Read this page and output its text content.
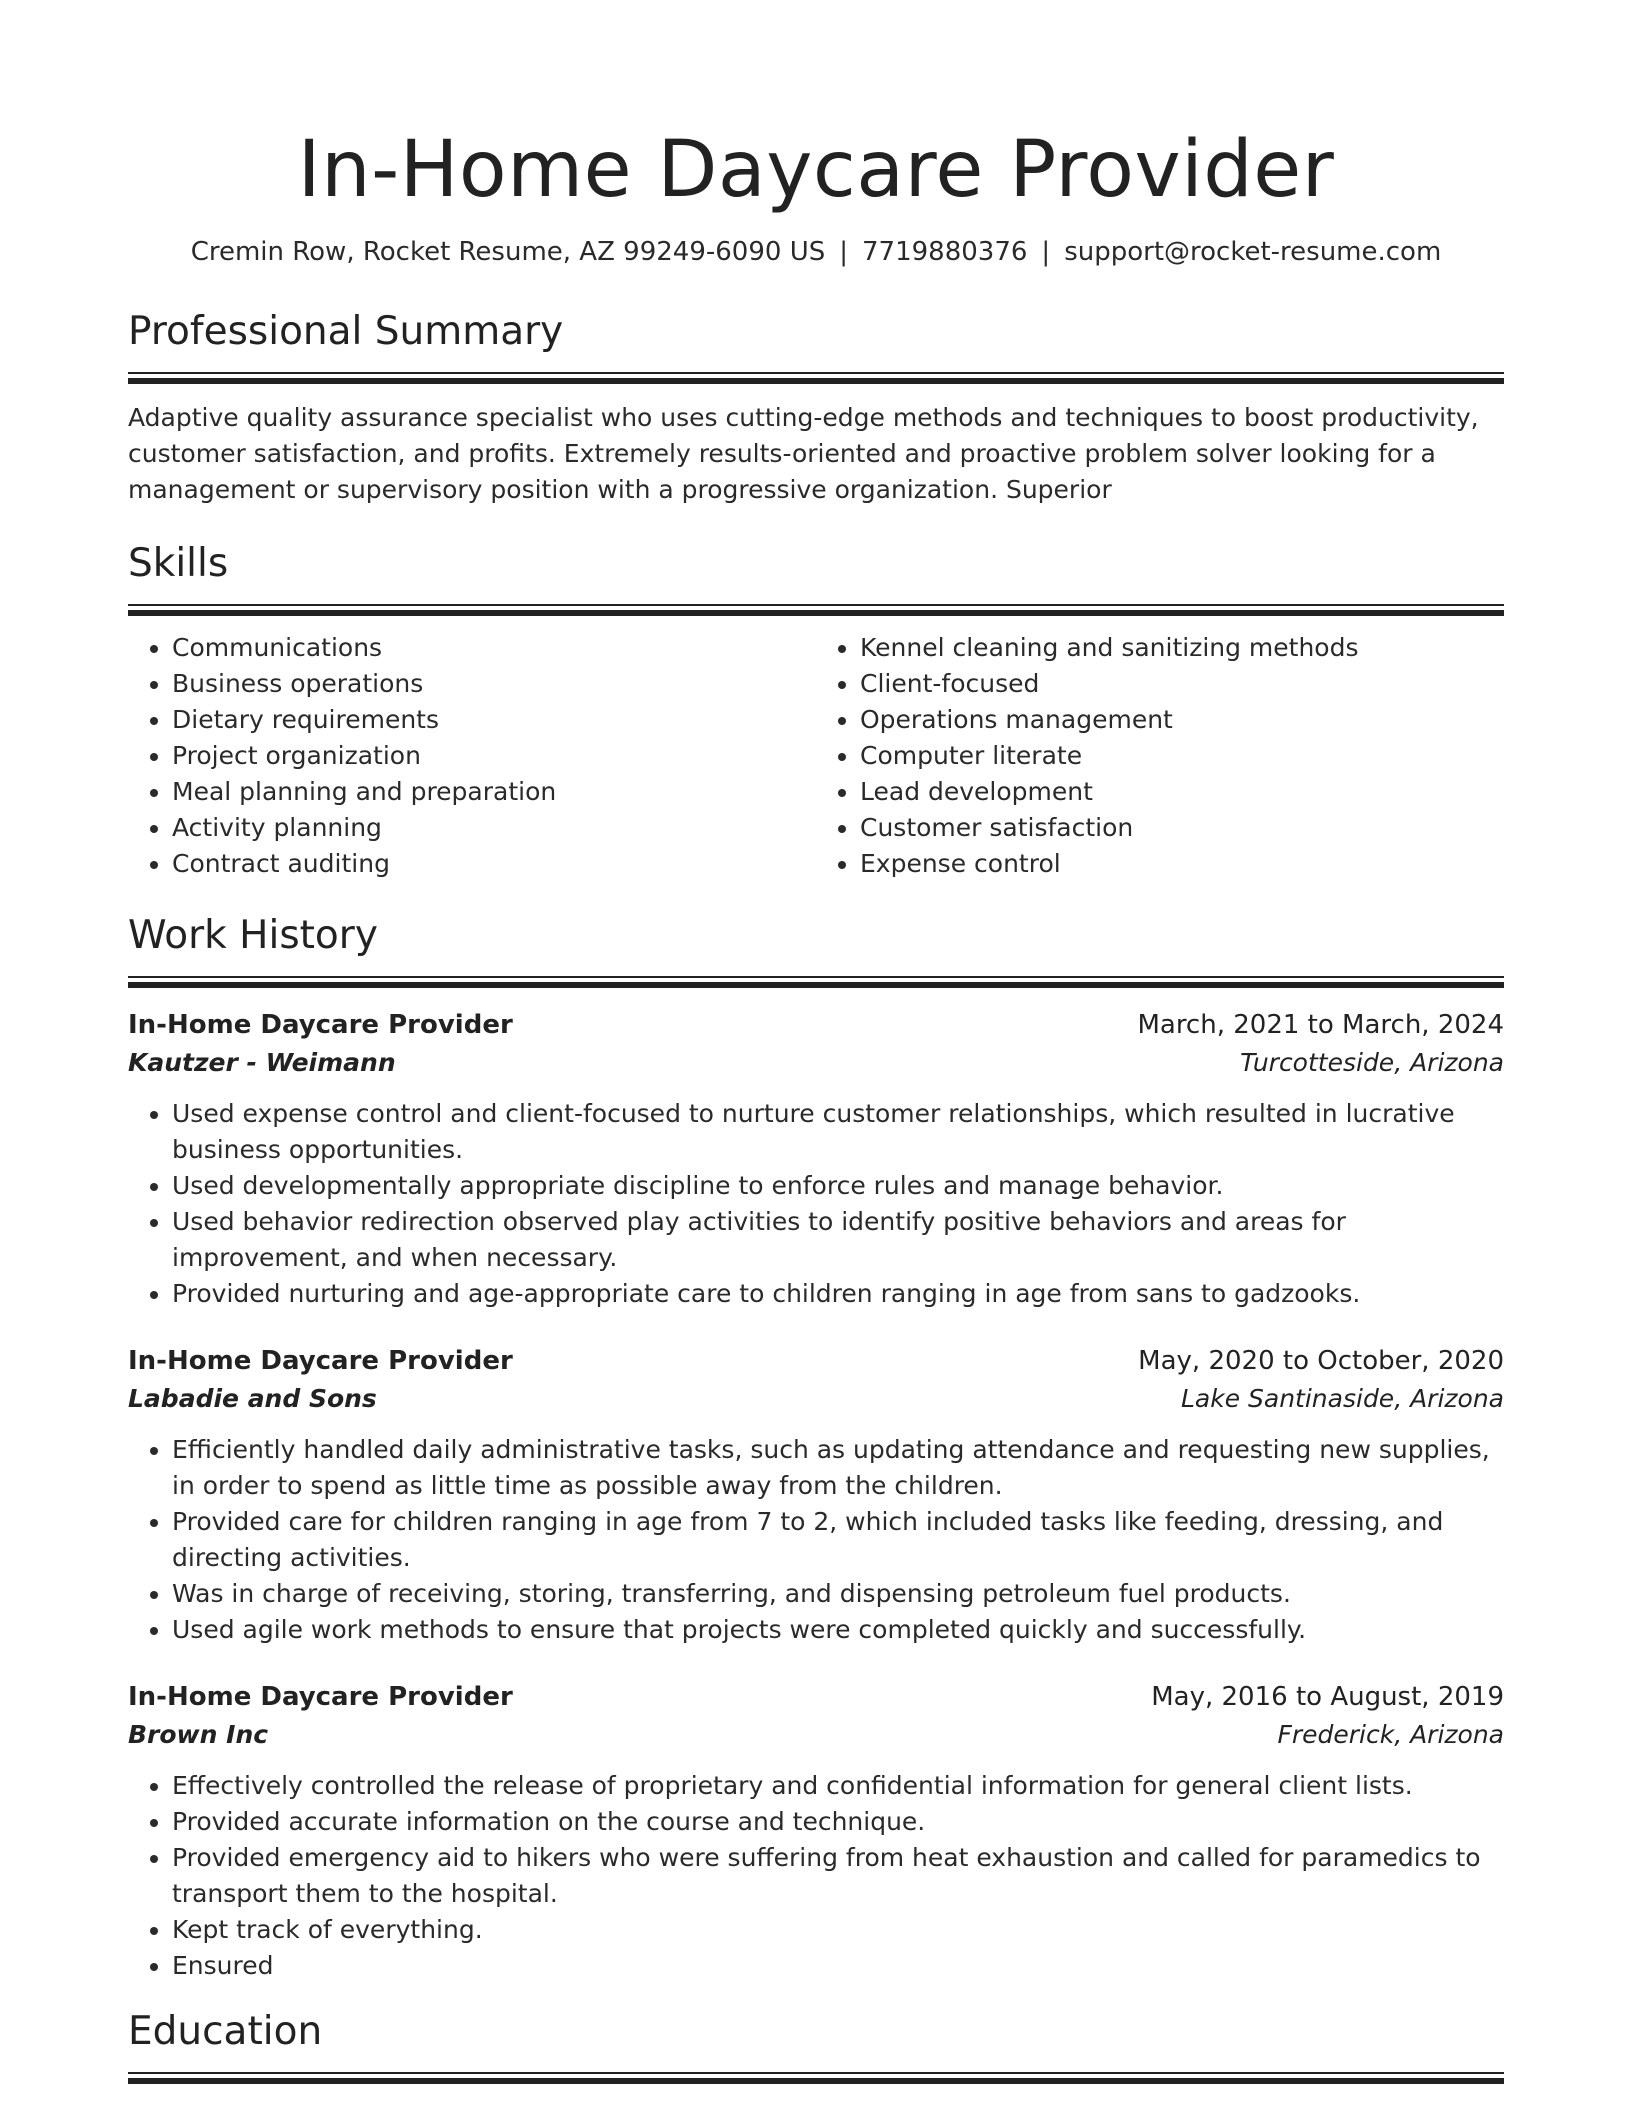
In-Home Daycare Provider
Cremin Row, Rocket Resume, AZ 99249-6090 US | 7719880376 | support@rocket-resume.com
Professional Summary

Adaptive quality assurance specialist who uses cutting-edge methods and techniques to boost productivity, customer satisfaction, and profits. Extremely results-oriented and proactive problem solver looking for a management or supervisory position with a progressive organization. Superior

Skills
• Communications
• Business operations
• Dietary requirements
• Project organization
• Meal planning and preparation
• Activity planning
• Contract auditing
• Kennel cleaning and sanitizing methods
• Client-focused
• Operations management
• Computer literate
• Lead development
• Customer satisfaction
• Expense control
Work History
In-Home Daycare Provider	March, 2021 to March, 2024
Kautzer - Weimann	Turcotteside, Arizona
• Used expense control and client-focused to nurture customer relationships, which resulted in lucrative business opportunities.
• Used developmentally appropriate discipline to enforce rules and manage behavior.
• Used behavior redirection observed play activities to identify positive behaviors and areas for improvement, and when necessary.
• Provided nurturing and age-appropriate care to children ranging in age from sans to gadzooks.
In-Home Daycare Provider	May, 2020 to October, 2020
Labadie and Sons	Lake Santinaside, Arizona
• Efficiently handled daily administrative tasks, such as updating attendance and requesting new supplies, in order to spend as little time as possible away from the children.
• Provided care for children ranging in age from 7 to 2, which included tasks like feeding, dressing, and directing activities.
• Was in charge of receiving, storing, transferring, and dispensing petroleum fuel products.
• Used agile work methods to ensure that projects were completed quickly and successfully.
In-Home Daycare Provider	May, 2016 to August, 2019
Brown Inc	Frederick, Arizona
• Effectively controlled the release of proprietary and confidential information for general client lists.
• Provided accurate information on the course and technique.
• Provided emergency aid to hikers who were suffering from heat exhaustion and called for paramedics to transport them to the hospital.
• Kept track of everything.
• Ensured
Education
